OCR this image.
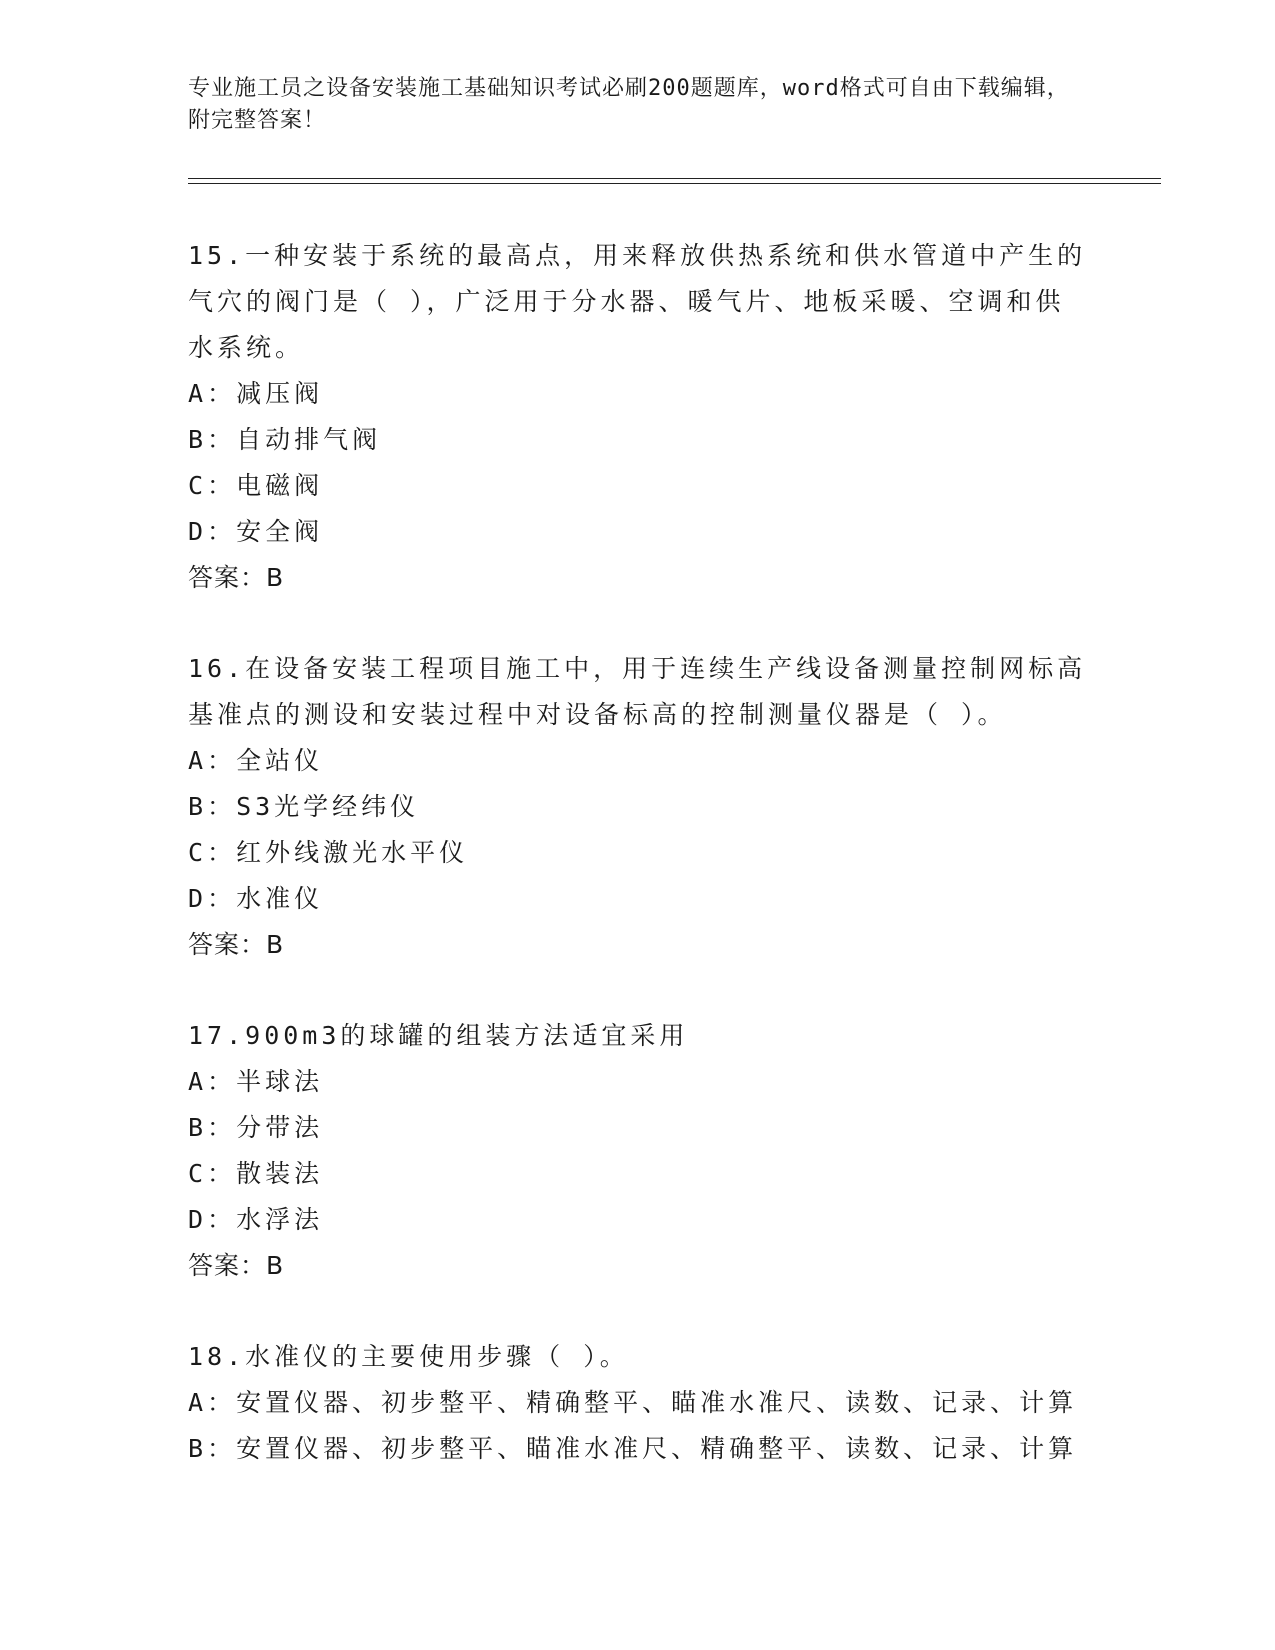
专业施工员之设备安装施工基础知识考试必刷200题题库，word格式可自由下载编辑，附完整答案！

15.一种安装于系统的最高点，用来释放供热系统和供水管道中产生的气穴的阀门是（ ），广泛用于分水器、暖气片、地板采暖、空调和供水系统。

A：减压阀

B：自动排气阀

C：电磁阀

D：安全阀

答案：B

16.在设备安装工程项目施工中，用于连续生产线设备测量控制网标高基准点的测设和安装过程中对设备标高的控制测量仪器是（ ）。

A：全站仪

B：S3光学经纬仪

C：红外线激光水平仪

D：水准仪

答案：B

17.900m3的球罐的组装方法适宜采用

A：半球法

B：分带法

C：散装法

D：水浮法

答案：B

18.水准仪的主要使用步骤（ ）。

A：安置仪器、初步整平、精确整平、瞄准水准尺、读数、记录、计算

B：安置仪器、初步整平、瞄准水准尺、精确整平、读数、记录、计算
